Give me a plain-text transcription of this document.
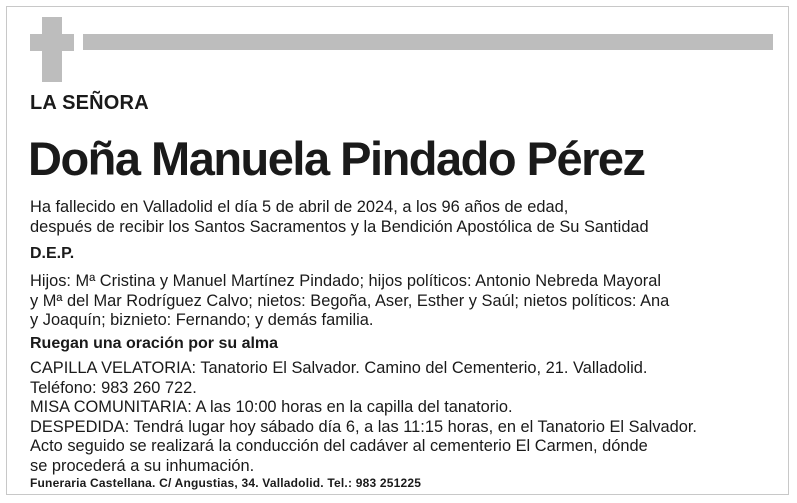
LA SEÑORA
Doña Manuela Pindado Pérez
Ha fallecido en Valladolid el día 5 de abril de 2024, a los 96 años de edad,
después de recibir los Santos Sacramentos y la Bendición Apostólica de Su Santidad
D.E.P.
Hijos: Mª Cristina y Manuel Martínez Pindado; hijos políticos: Antonio Nebreda Mayoral
y Mª del Mar Rodríguez Calvo; nietos: Begoña, Aser, Esther y Saúl; nietos políticos: Ana
y Joaquín; biznieto: Fernando; y demás familia.
Ruegan una oración por su alma
CAPILLA VELATORIA: Tanatorio El Salvador. Camino del Cementerio, 21. Valladolid.
Teléfono: 983 260 722.
MISA COMUNITARIA: A las 10:00 horas en la capilla del tanatorio.
DESPEDIDA: Tendrá lugar hoy sábado día 6, a las 11:15 horas, en el Tanatorio El Salvador.
Acto seguido se realizará la conducción del cadáver al cementerio El Carmen, dónde
se procederá a su inhumación.
Funeraria Castellana. C/ Angustias, 34. Valladolid. Tel.: 983 251225
